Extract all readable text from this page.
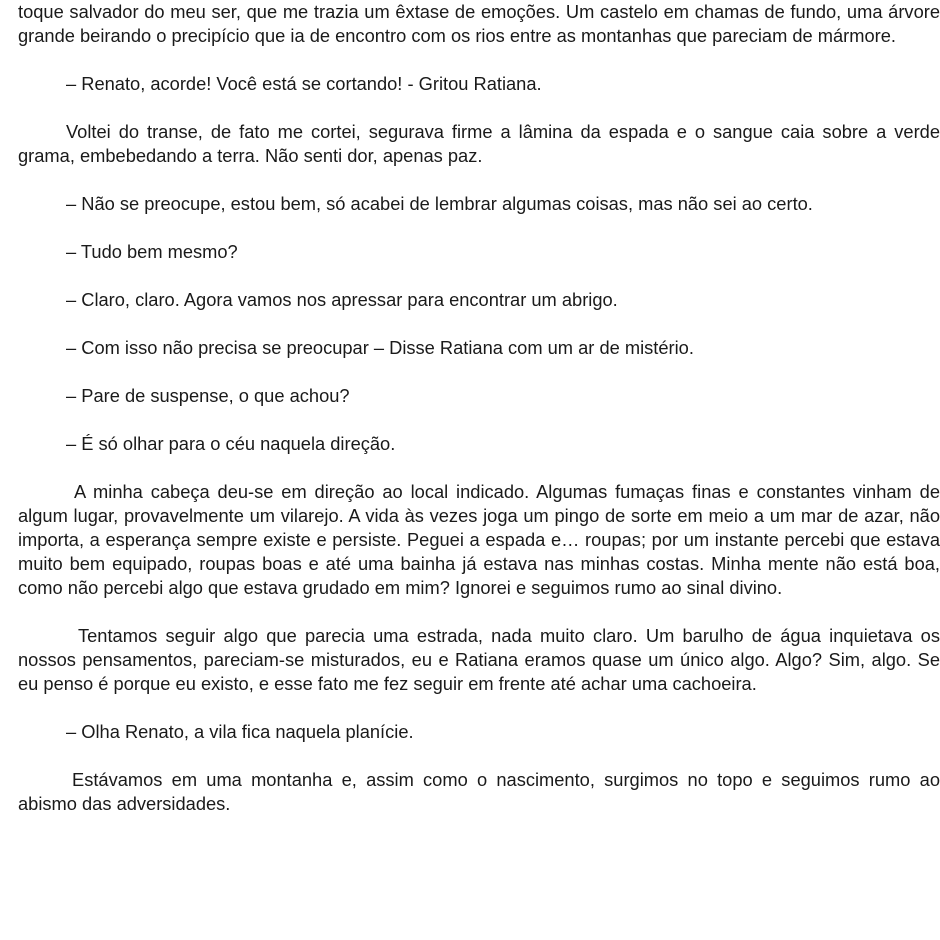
toque salvador do meu ser, que me trazia um êxtase de emoções. Um castelo em chamas de fundo, uma árvore grande beirando o precipício que ia de encontro com os rios entre as montanhas que pareciam de mármore.

– Renato, acorde! Você está se cortando! - Gritou Ratiana.

Voltei do transe, de fato me cortei, segurava firme a lâmina da espada e o sangue caia sobre a verde grama, embebedando a terra. Não senti dor, apenas paz.

– Não se preocupe, estou bem, só acabei de lembrar algumas coisas, mas não sei ao certo.

– Tudo bem mesmo?

– Claro, claro. Agora vamos nos apressar para encontrar um abrigo.

– Com isso não precisa se preocupar – Disse Ratiana com um ar de mistério.

– Pare de suspense, o que achou?

– É só olhar para o céu naquela direção.

A minha cabeça deu-se em direção ao local indicado. Algumas fumaças finas e constantes vinham de algum lugar, provavelmente um vilarejo. A vida às vezes joga um pingo de sorte em meio a um mar de azar, não importa, a esperança sempre existe e persiste. Peguei a espada e… roupas; por um instante percebi que estava muito bem equipado, roupas boas e até uma bainha já estava nas minhas costas. Minha mente não está boa, como não percebi algo que estava grudado em mim? Ignorei e seguimos rumo ao sinal divino.

Tentamos seguir algo que parecia uma estrada, nada muito claro. Um barulho de água inquietava os nossos pensamentos, pareciam-se misturados, eu e Ratiana eramos quase um único algo. Algo? Sim, algo. Se eu penso é porque eu existo, e esse fato me fez seguir em frente até achar uma cachoeira.

– Olha Renato, a vila fica naquela planície.

Estávamos em uma montanha e, assim como o nascimento, surgimos no topo e seguimos rumo ao abismo das adversidades.
